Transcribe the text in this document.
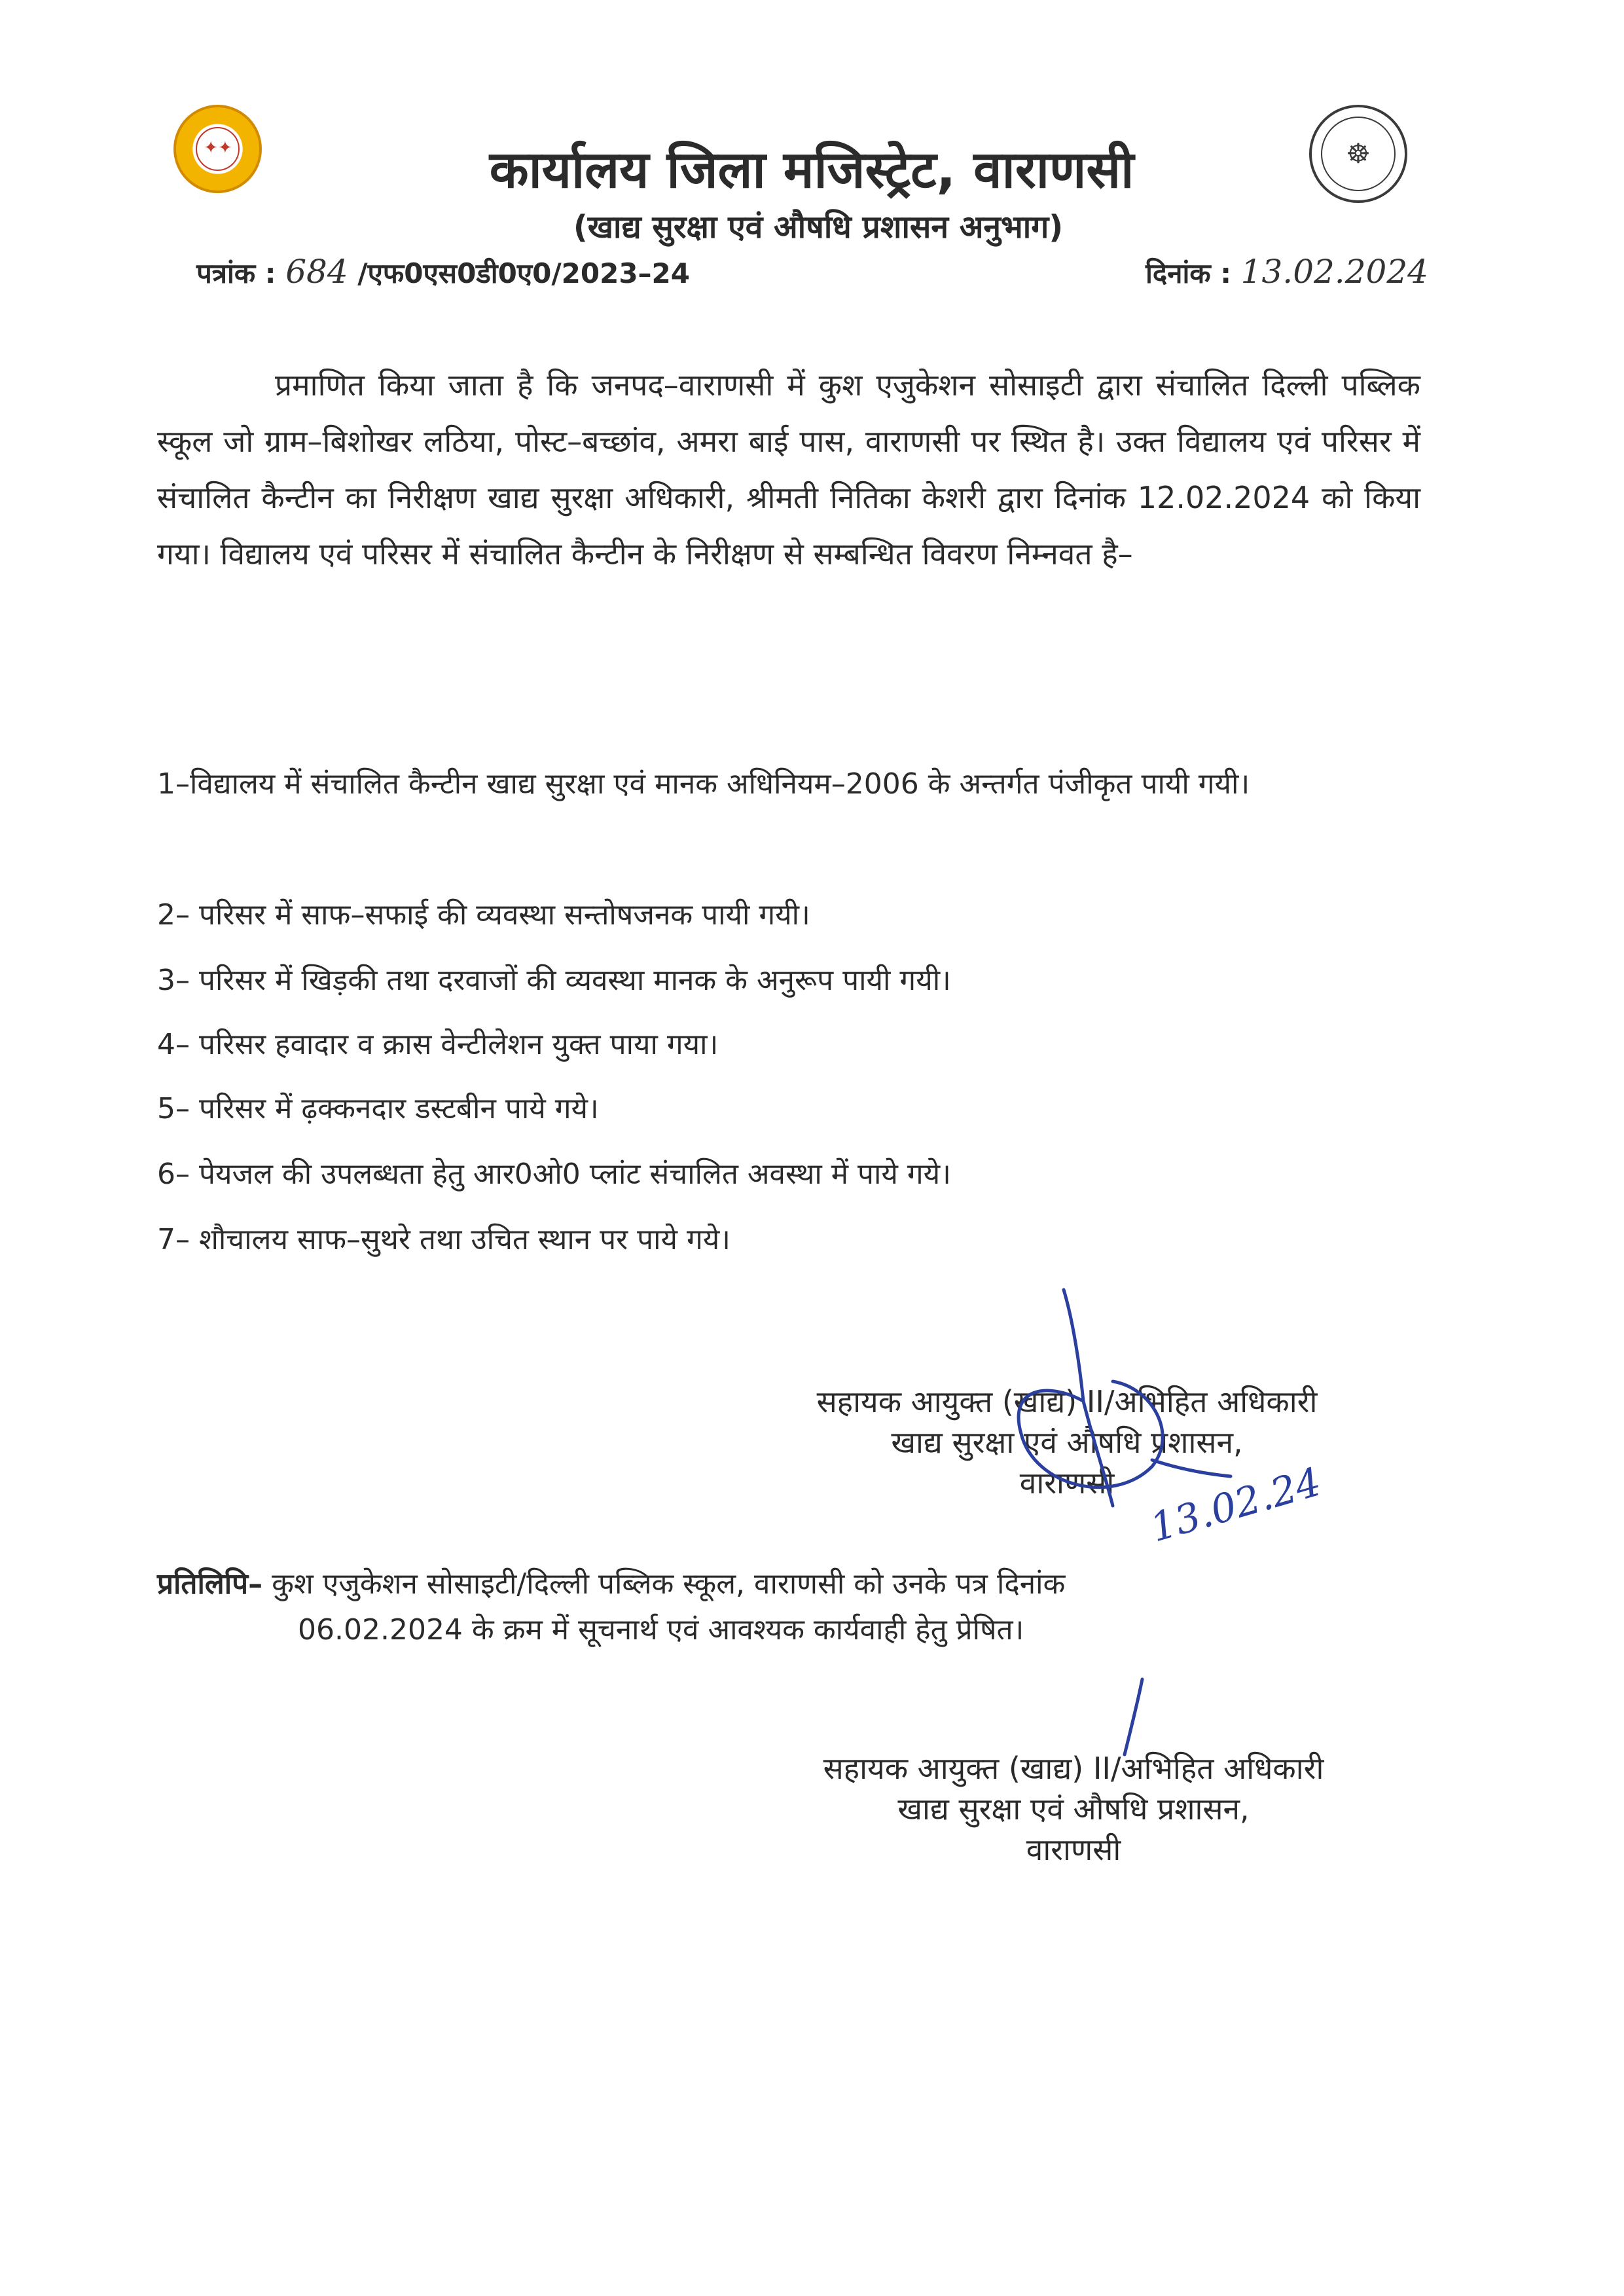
✦✦	☸
कार्यालय जिला मजिस्ट्रेट, वाराणसी
(खाद्य सुरक्षा एवं औषधि प्रशासन अनुभाग)
पत्रांक : 684 /एफ0एस0डी0ए0/2023–24	दिनांक : 13.02.2024
प्रमाणित किया जाता है कि जनपद–वाराणसी में कुश एजुकेशन सोसाइटी द्वारा संचालित दिल्ली पब्लिक स्कूल जो ग्राम–बिशोखर लठिया, पोस्ट–बच्छांव, अमरा बाई पास, वाराणसी पर स्थित है। उक्त विद्यालय एवं परिसर में संचालित कैन्टीन का निरीक्षण खाद्य सुरक्षा अधिकारी, श्रीमती नितिका केशरी द्वारा दिनांक 12.02.2024 को किया गया। विद्यालय एवं परिसर में संचालित कैन्टीन के निरीक्षण से सम्बन्धित विवरण निम्नवत है–
1–विद्यालय में संचालित कैन्टीन खाद्य सुरक्षा एवं मानक अधिनियम–2006 के अन्तर्गत पंजीकृत पायी गयी।
2– परिसर में साफ–सफाई की व्यवस्था सन्तोषजनक पायी गयी।
3– परिसर में खिड़की तथा दरवाजों की व्यवस्था मानक के अनुरूप पायी गयी।
4– परिसर हवादार व क्रास वेन्टीलेशन युक्त पाया गया।
5– परिसर में ढ़क्कनदार डस्टबीन पाये गये।
6– पेयजल की उपलब्धता हेतु आर0ओ0 प्लांट संचालित अवस्था में पाये गये।
7– शौचालय साफ–सुथरे तथा उचित स्थान पर पाये गये।
सहायक आयुक्त (खाद्य) II/अभिहित अधिकारी
खाद्य सुरक्षा एवं औषधि प्रशासन,
वाराणसी
प्रतिलिपि– कुश एजुकेशन सोसाइटी/दिल्ली पब्लिक स्कूल, वाराणसी को उनके पत्र दिनांक
06.02.2024 के क्रम में सूचनार्थ एवं आवश्यक कार्यवाही हेतु प्रेषित।
सहायक आयुक्त (खाद्य) II/अभिहित अधिकारी
खाद्य सुरक्षा एवं औषधि प्रशासन,
वाराणसी
13.02.24
